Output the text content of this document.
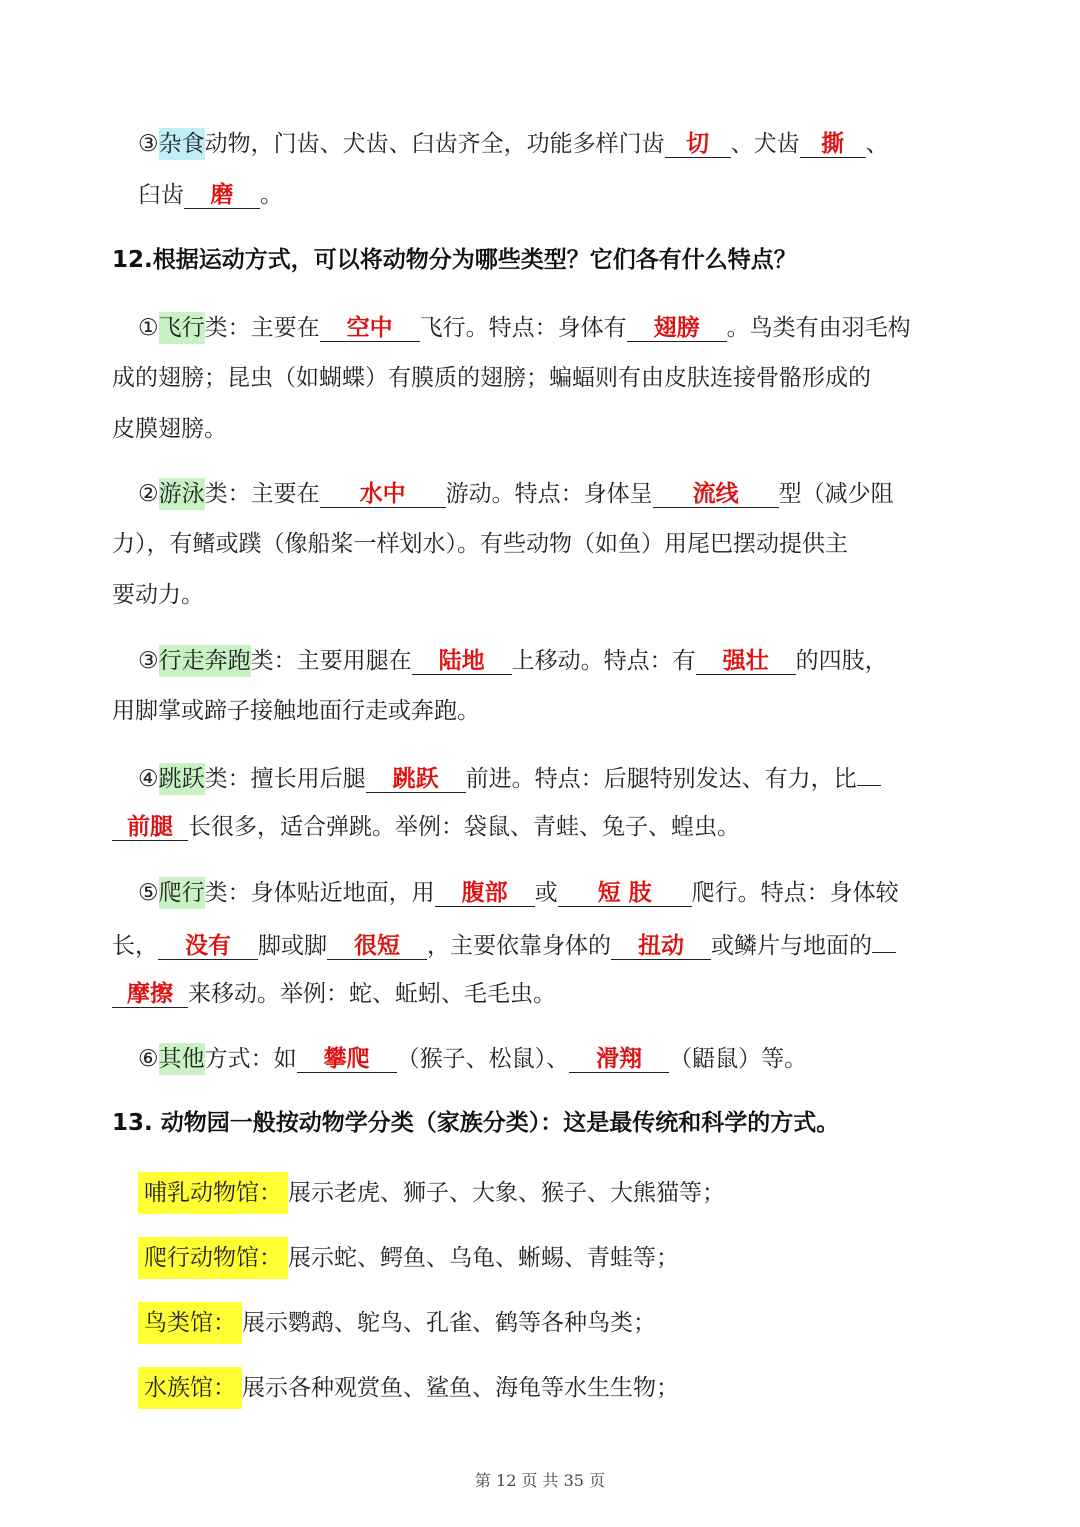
③杂食动物，门齿、犬齿、臼齿齐全，功能多样门齿 切 、犬齿 撕 、
臼齿 磨 。
12.根据运动方式，可以将动物分为哪些类型？它们各有什么特点？
①飞行类：主要在 空中 飞行。特点：身体有 翅膀 。鸟类有由羽毛构
成的翅膀；昆虫（如蝴蝶）有膜质的翅膀；蝙蝠则有由皮肤连接骨骼形成的
皮膜翅膀。
②游泳类：主要在 水中 游动。特点：身体呈 流线 型（减少阻
力），有鳍或蹼（像船桨一样划水）。有些动物（如鱼）用尾巴摆动提供主
要动力。
③行走奔跑类：主要用腿在 陆地 上移动。特点：有 强壮 的四肢，
用脚掌或蹄子接触地面行走或奔跑。
④跳跃类：擅长用后腿 跳跃 前进。特点：后腿特别发达、有力，比
前腿 长很多，适合弹跳。举例：袋鼠、青蛙、兔子、蝗虫。
⑤爬行类：身体贴近地面，用 腹部 或 短 肢 爬行。特点：身体较
长， 没有 脚或脚 很短 ，主要依靠身体的 扭动 或鳞片与地面的
摩擦 来移动。举例：蛇、蚯蚓、毛毛虫。
⑥其他方式：如 攀爬 （猴子、松鼠）、 滑翔 （鼯鼠）等。
13. 动物园一般按动物学分类（家族分类）：这是最传统和科学的方式。
哺乳动物馆： 展示老虎、狮子、大象、猴子、大熊猫等；
爬行动物馆： 展示蛇、鳄鱼、乌龟、蜥蜴、青蛙等；
鸟类馆： 展示鹦鹉、鸵鸟、孔雀、鹤等各种鸟类；
水族馆： 展示各种观赏鱼、鲨鱼、海龟等水生生物；
第 12 页 共 35 页
